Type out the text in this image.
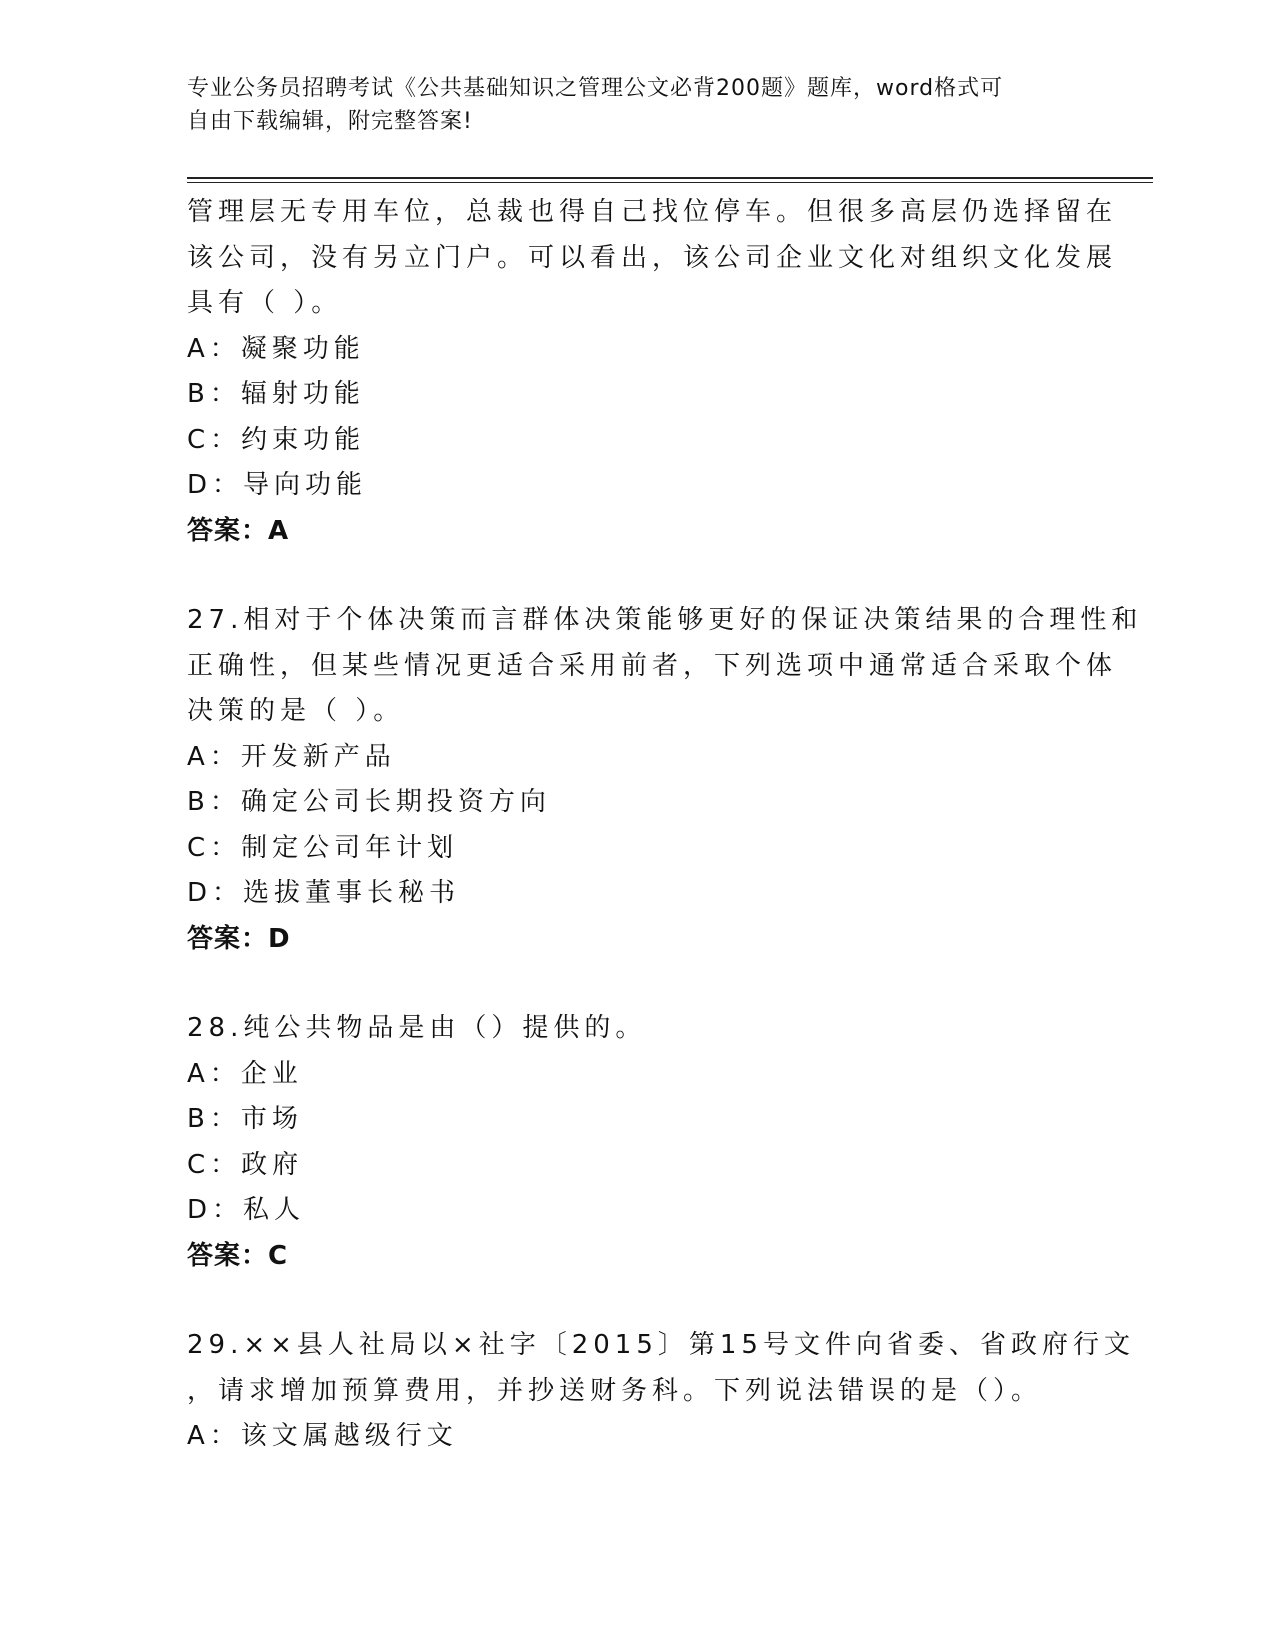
专业公务员招聘考试《公共基础知识之管理公文必背200题》题库，word格式可
自由下载编辑，附完整答案!
管理层无专用车位，总裁也得自己找位停车。但很多高层仍选择留在
该公司，没有另立门户。可以看出，该公司企业文化对组织文化发展
具有（ ）。
A：凝聚功能
B：辐射功能
C：约束功能
D：导向功能
答案：A
27.相对于个体决策而言群体决策能够更好的保证决策结果的合理性和
正确性，但某些情况更适合采用前者，下列选项中通常适合采取个体
决策的是（ ）。
A：开发新产品
B：确定公司长期投资方向
C：制定公司年计划
D：选拔董事长秘书
答案：D
28.纯公共物品是由（）提供的。
A：企业
B：市场
C：政府
D：私人
答案：C
29.××县人社局以×社字〔2015〕第15号文件向省委、省政府行文
，请求增加预算费用，并抄送财务科。下列说法错误的是（）。
A：该文属越级行文
